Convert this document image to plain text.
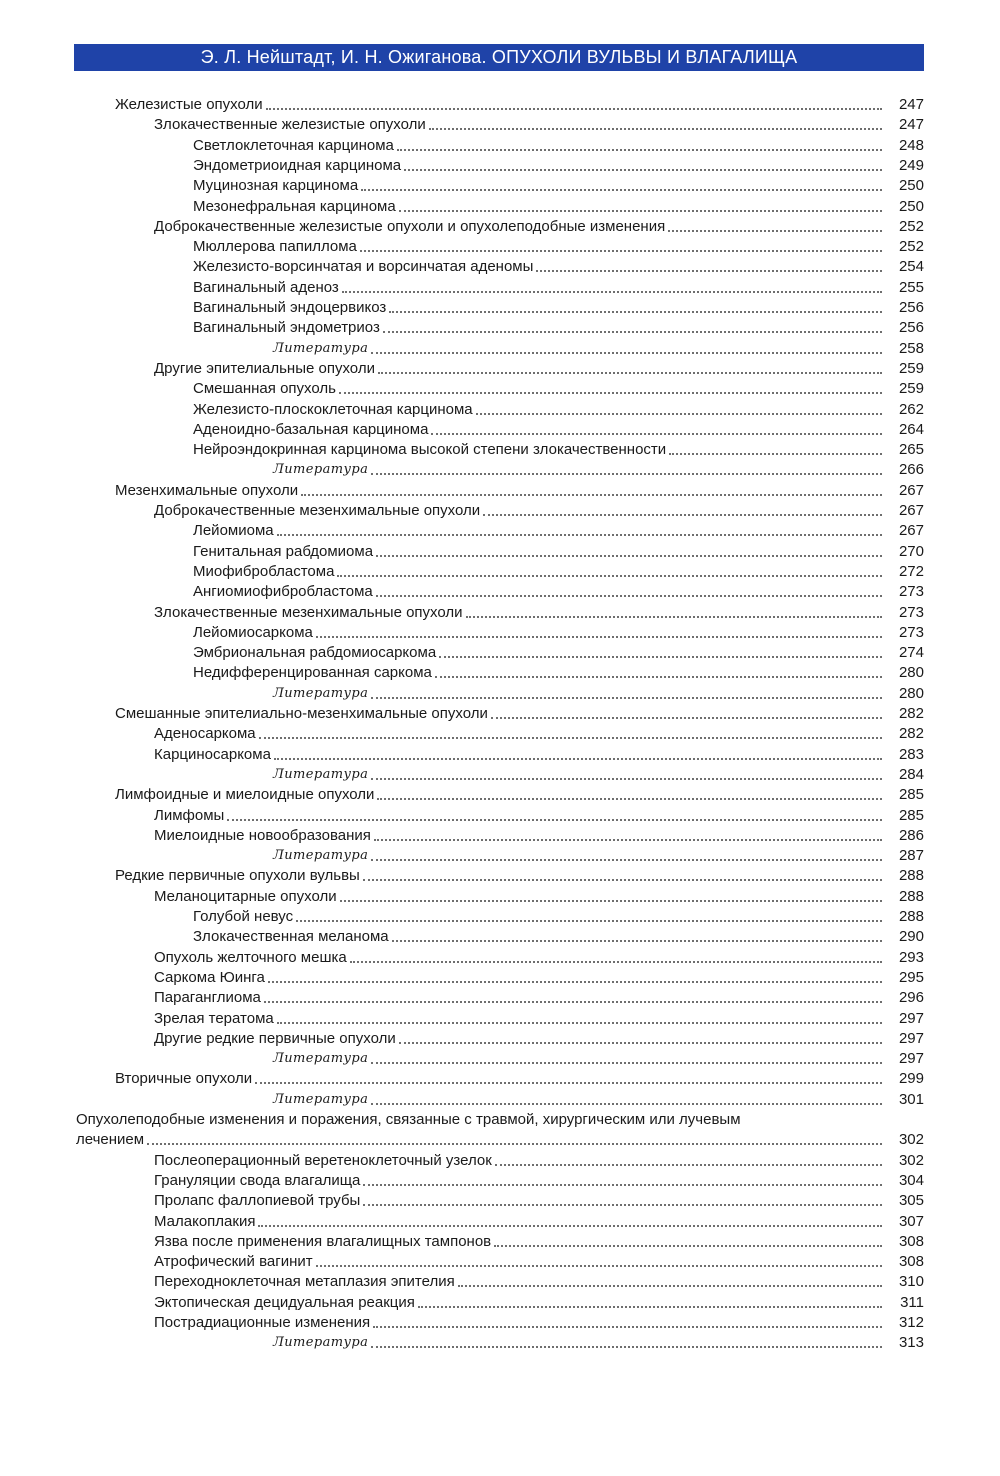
Э. Л. Нейштадт, И. Н. Ожиганова. ОПУХОЛИ ВУЛЬВЫ И ВЛАГАЛИЩА
Железистые опухоли	247
Злокачественные железистые опухоли	247
Светлоклеточная карцинома	248
Эндометриоидная карцинома	249
Муцинозная карцинома	250
Мезонефральная карцинома	250
Доброкачественные железистые опухоли и опухолеподобные изменения	252
Мюллерова папиллома	252
Железисто-ворсинчатая и ворсинчатая аденомы	254
Вагинальный аденоз	255
Вагинальный эндоцервикоз	256
Вагинальный эндометриоз	256
Литература	258
Другие эпителиальные опухоли	259
Смешанная опухоль	259
Железисто-плоскоклеточная карцинома	262
Аденоидно-базальная карцинома	264
Нейроэндокринная карцинома высокой степени злокачественности	265
Литература	266
Мезенхимальные опухоли	267
Доброкачественные мезенхимальные опухоли	267
Лейомиома	267
Генитальная рабдомиома	270
Миофибробластома	272
Ангиомиофибробластома	273
Злокачественные мезенхимальные опухоли	273
Лейомиосаркома	273
Эмбриональная рабдомиосаркома	274
Недифференцированная саркома	280
Литература	280
Смешанные эпителиально-мезенхимальные опухоли	282
Аденосаркома	282
Карциносаркома	283
Литература	284
Лимфоидные и миелоидные опухоли	285
Лимфомы	285
Миелоидные новообразования	286
Литература	287
Редкие первичные опухоли вульвы	288
Меланоцитарные опухоли	288
Голубой невус	288
Злокачественная меланома	290
Опухоль желточного мешка	293
Саркома Юинга	295
Параганглиома	296
Зрелая тератома	297
Другие редкие первичные опухоли	297
Литература	297
Вторичные опухоли	299
Литература	301
Опухолеподобные изменения и поражения, связанные с травмой, хирургическим или лучевым
лечением	302
Послеоперационный веретеноклеточный узелок	302
Грануляции свода влагалища	304
Пролапс фаллопиевой трубы	305
Малакоплакия	307
Язва после применения влагалищных тампонов	308
Атрофический вагинит	308
Переходноклеточная метаплазия эпителия	310
Эктопическая децидуальная реакция	311
Пострадиационные изменения	312
Литература	313
